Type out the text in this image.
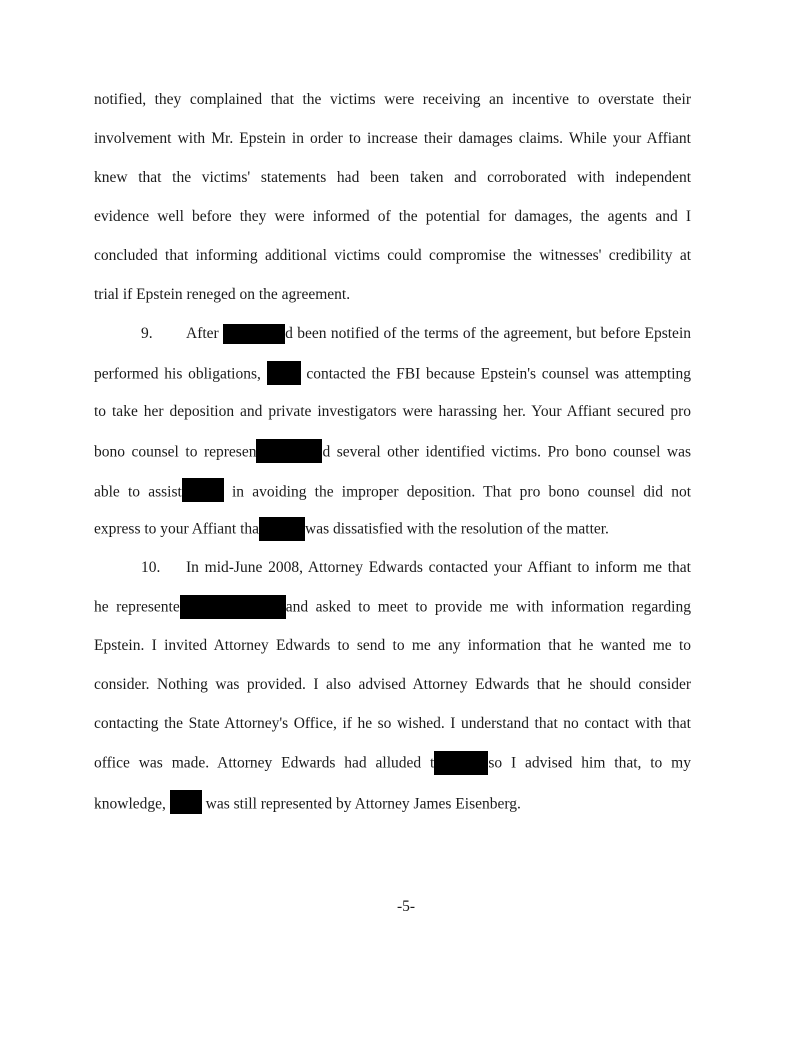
notified, they complained that the victims were receiving an incentive to overstate their
involvement with Mr. Epstein in order to increase their damages claims. While your Affiant
knew that the victims' statements had been taken and corroborated with independent
evidence well before they were informed of the potential for damages, the agents and I
concluded that informing additional victims could compromise the witnesses' credibility at
trial if Epstein reneged on the agreement.
9.	After	d been notified of the terms of the agreement, but before Epstein
performed his obligations,	contacted the FBI because Epstein's counsel was attempting
to take her deposition and private investigators were harassing her. Your Affiant secured pro
bono counsel to represen	d several other identified victims. Pro bono counsel was
able to assist	in avoiding the improper deposition. That pro bono counsel did not
express to your Affiant tha	was dissatisfied with the resolution of the matter.
10.	In mid-June 2008, Attorney Edwards contacted your Affiant to inform me that
he represente	and asked to meet to provide me with information regarding
Epstein. I invited Attorney Edwards to send to me any information that he wanted me to
consider. Nothing was provided. I also advised Attorney Edwards that he should consider
contacting the State Attorney's Office, if he so wished. I understand that no contact with that
office was made. Attorney Edwards had alluded t	so I advised him that, to my
knowledge,	was still represented by Attorney James Eisenberg.
-5-
